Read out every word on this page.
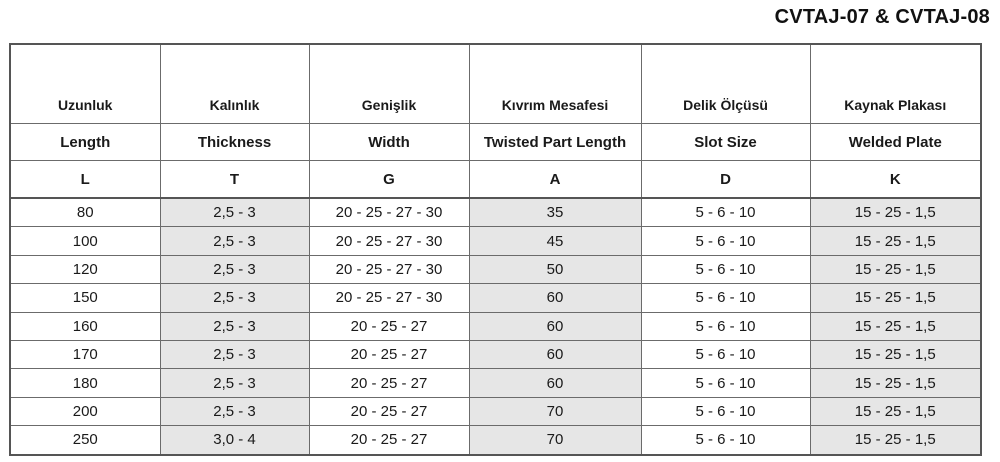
CVTAJ-07 & CVTAJ-08
Uzunluk	Kalınlık	Genişlik	Kıvrım Mesafesi	Delik Ölçüsü	Kaynak Plakası
Length	Thickness	Width	Twisted Part Length	Slot Size	Welded Plate
L	T	G	A	D	K
80	2,5 - 3	20 - 25 - 27 - 30	35	5 - 6 - 10	15 - 25 - 1,5
100	2,5 - 3	20 - 25 - 27 - 30	45	5 - 6 - 10	15 - 25 - 1,5
120	2,5 - 3	20 - 25 - 27 - 30	50	5 - 6 - 10	15 - 25 - 1,5
150	2,5 - 3	20 - 25 - 27 - 30	60	5 - 6 - 10	15 - 25 - 1,5
160	2,5 - 3	20 - 25 - 27	60	5 - 6 - 10	15 - 25 - 1,5
170	2,5 - 3	20 - 25 - 27	60	5 - 6 - 10	15 - 25 - 1,5
180	2,5 - 3	20 - 25 - 27	60	5 - 6 - 10	15 - 25 - 1,5
200	2,5 - 3	20 - 25 - 27	70	5 - 6 - 10	15 - 25 - 1,5
250	3,0 - 4	20 - 25 - 27	70	5 - 6 - 10	15 - 25 - 1,5
